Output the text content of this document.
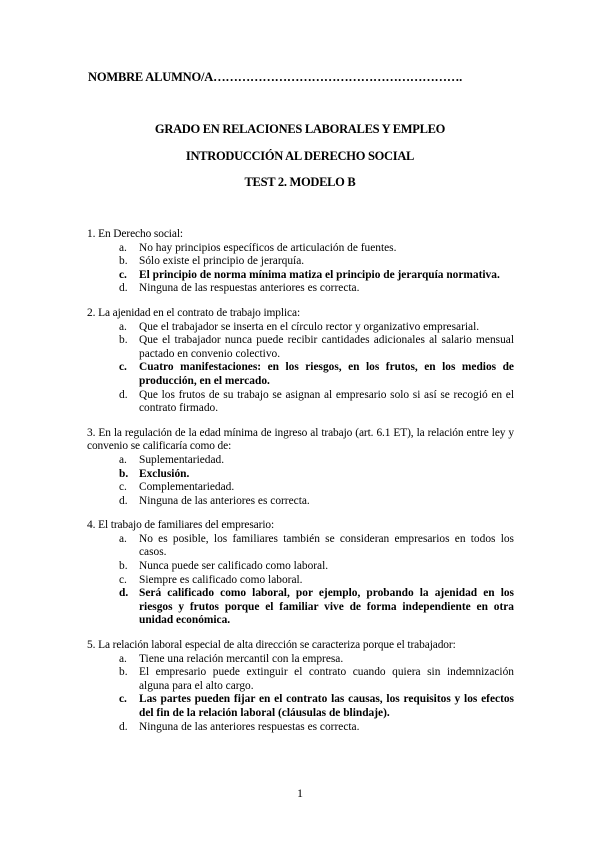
NOMBRE ALUMNO/A…………………………………………………….
GRADO EN RELACIONES LABORALES Y EMPLEO
INTRODUCCIÓN AL DERECHO SOCIAL
TEST 2. MODELO B

1. En Derecho social:

a. No hay principios específicos de articulación de fuentes.
b. Sólo existe el principio de jerarquía.
c. El principio de norma mínima matiza el principio de jerarquía normativa.
d. Ninguna de las respuestas anteriores es correcta.

2. La ajenidad en el contrato de trabajo implica:

a. Que el trabajador se inserta en el círculo rector y organizativo empresarial.
b. Que el trabajador nunca puede recibir cantidades adicionales al salario mensual pactado en convenio colectivo.
c. Cuatro manifestaciones: en los riesgos, en los frutos, en los medios de producción, en el mercado.
d. Que los frutos de su trabajo se asignan al empresario solo si así se recogió en el contrato firmado.

3. En la regulación de la edad mínima de ingreso al trabajo (art. 6.1 ET), la relación entre ley y convenio se calificaría como de:

a. Suplementariedad.
b. Exclusión.
c. Complementariedad.
d. Ninguna de las anteriores es correcta.

4. El trabajo de familiares del empresario:

a. No es posible, los familiares también se consideran empresarios en todos los casos.
b. Nunca puede ser calificado como laboral.
c. Siempre es calificado como laboral.
d. Será calificado como laboral, por ejemplo, probando la ajenidad en los riesgos y frutos porque el familiar vive de forma independiente en otra unidad económica.

5. La relación laboral especial de alta dirección se caracteriza porque el trabajador:

a. Tiene una relación mercantil con la empresa.
b. El empresario puede extinguir el contrato cuando quiera sin indemnización alguna para el alto cargo.
c. Las partes pueden fijar en el contrato las causas, los requisitos y los efectos del fin de la relación laboral (cláusulas de blindaje).
d. Ninguna de las anteriores respuestas es correcta.
1
